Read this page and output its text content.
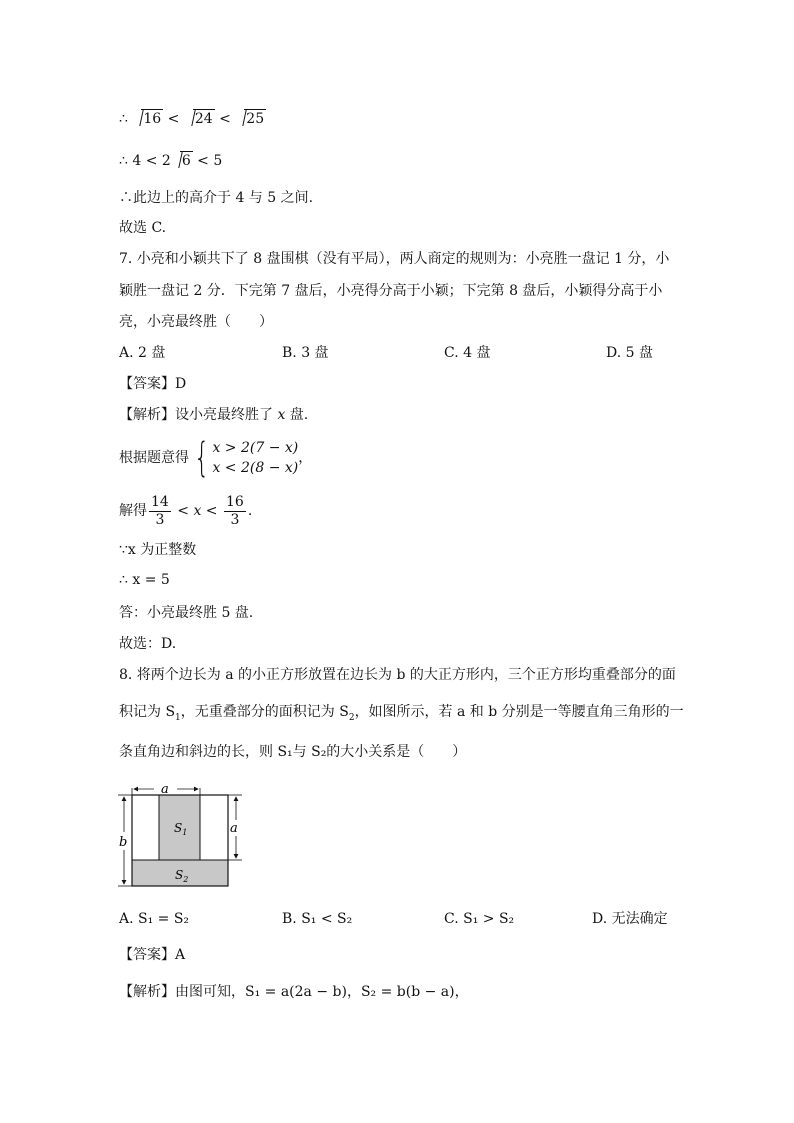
∴ 16 < 24 < 25
∴ 4 < 2 6 < 5
∴此边上的高介于 4 与 5 之间.
故选 C.
7. 小亮和小颖共下了 8 盘围棋（没有平局），两人商定的规则为：小亮胜一盘记 1 分，小
颖胜一盘记 2 分．下完第 7 盘后，小亮得分高于小颖；下完第 8 盘后，小颖得分高于小
亮，小亮最终胜（　　）
A. 2 盘	B. 3 盘	C. 4 盘	D. 5 盘
【答案】D
【解析】设小亮最终胜了 x 盘.
根据题意得 { x > 2(7 − x)
x < 2(8 − x)
，
解得 $\frac{14}{3} < x < \frac{16}{3}$ .
∵x 为正整数
∴ x = 5
答：小亮最终胜 5 盘.
故选：D.
8. 将两个边长为 a 的小正方形放置在边长为 b 的大正方形内，三个正方形均重叠部分的面
积记为 $S_1$，无重叠部分的面积记为 $S_2$，如图所示，若 a 和 b 分别是一等腰直角三角形的一
条直角边和斜边的长，则 S₁与 S₂的大小关系是（　　）
a
a
b
$S_1$
$S_2$
A. S₁ = S₂	B. S₁ < S₂	C. S₁ > S₂	D. 无法确定
【答案】A
【解析】由图可知，S₁ = a(2a − b)，S₂ = b(b − a)，
